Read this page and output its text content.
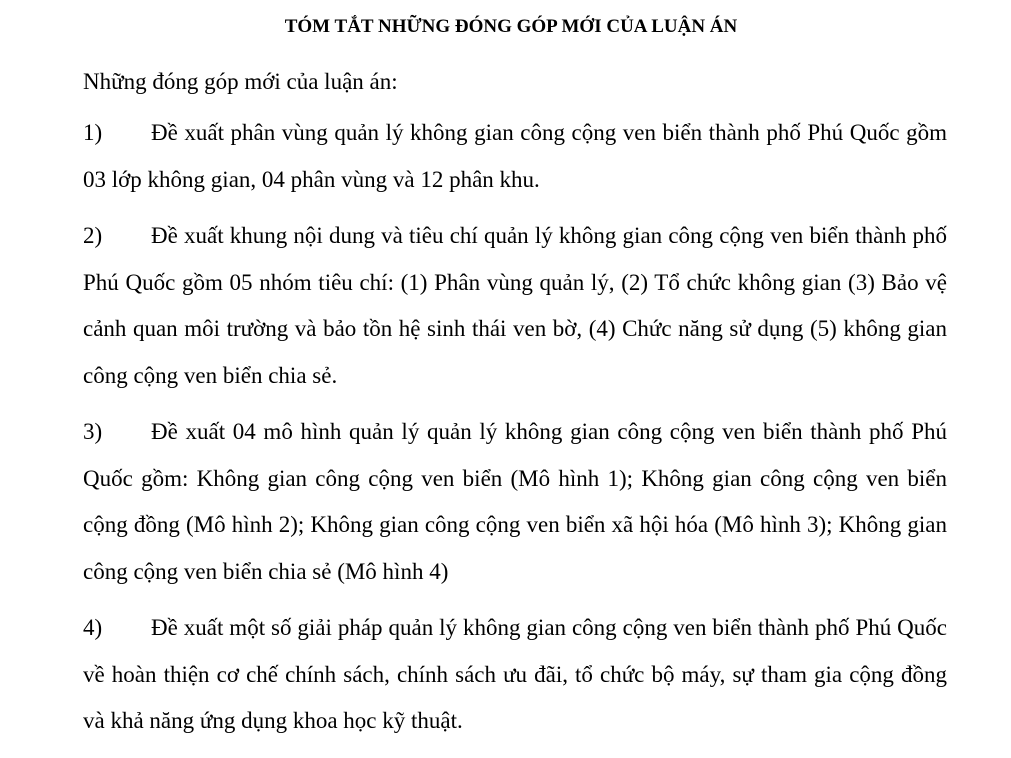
TÓM TẮT NHỮNG ĐÓNG GÓP MỚI CỦA LUẬN ÁN

Những đóng góp mới của luận án:

1) Đề xuất phân vùng quản lý không gian công cộng ven biển thành phố Phú Quốc gồm 03 lớp không gian, 04 phân vùng và 12 phân khu.

2) Đề xuất khung nội dung và tiêu chí quản lý không gian công cộng ven biển thành phố Phú Quốc gồm 05 nhóm tiêu chí: (1) Phân vùng quản lý, (2) Tổ chức không gian (3) Bảo vệ cảnh quan môi trường và bảo tồn hệ sinh thái ven bờ, (4) Chức năng sử dụng (5) không gian công cộng ven biển chia sẻ.

3) Đề xuất 04 mô hình quản lý quản lý không gian công cộng ven biển thành phố Phú Quốc gồm: Không gian công cộng ven biển (Mô hình 1); Không gian công cộng ven biển cộng đồng (Mô hình 2); Không gian công cộng ven biển xã hội hóa (Mô hình 3); Không gian công cộng ven biển chia sẻ (Mô hình 4)

4) Đề xuất một số giải pháp quản lý không gian công cộng ven biển thành phố Phú Quốc về hoàn thiện cơ chế chính sách, chính sách ưu đãi, tổ chức bộ máy, sự tham gia cộng đồng và khả năng ứng dụng khoa học kỹ thuật.
